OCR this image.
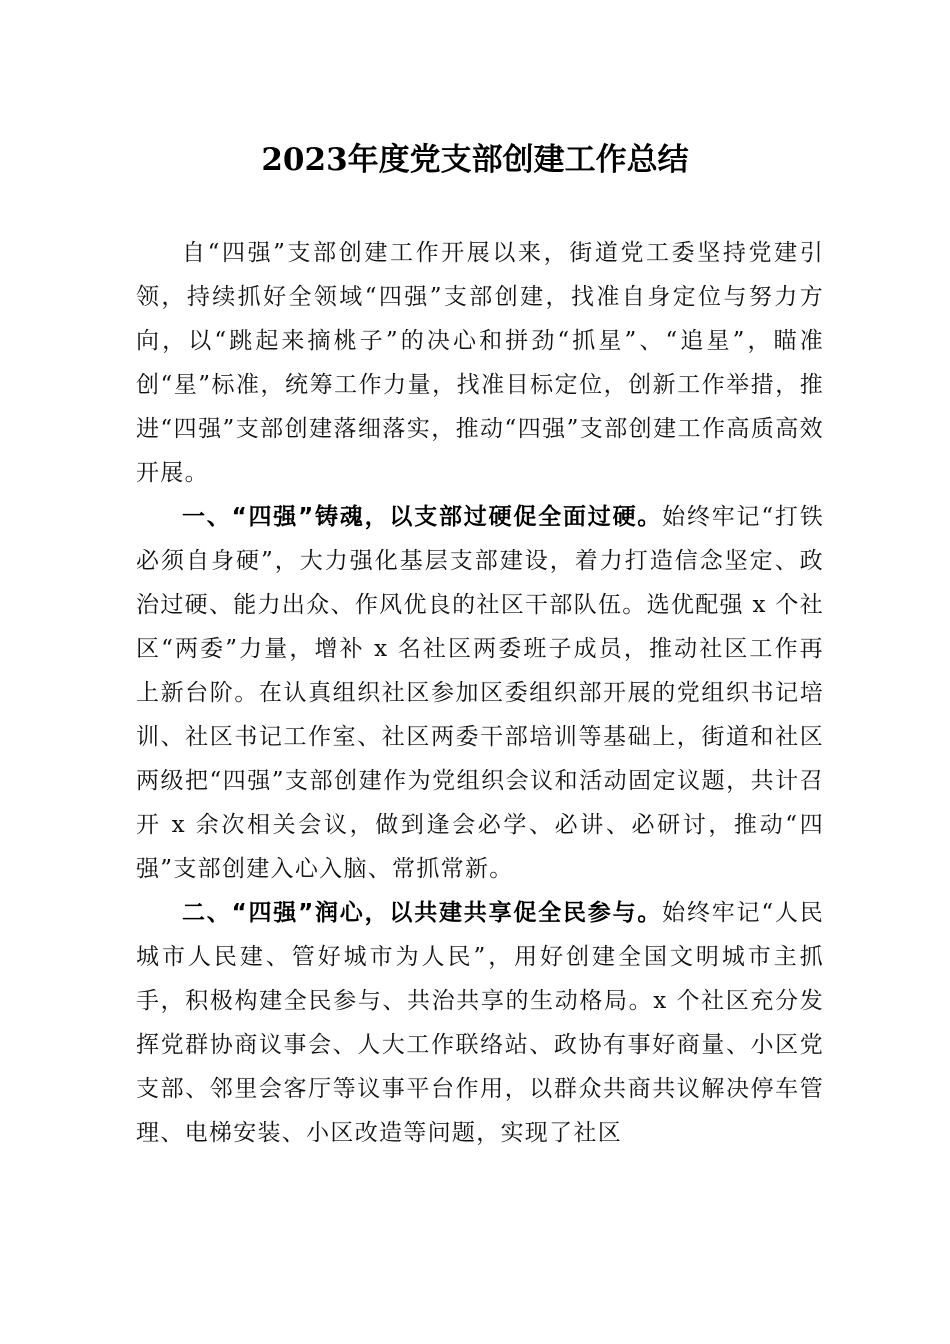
2023年度党支部创建工作总结

自“四强”支部创建工作开展以来，街道党工委坚持党建引领，持续抓好全领域“四强”支部创建，找准自身定位与努力方向，以“跳起来摘桃子”的决心和拼劲“抓星”、“追星”，瞄准创“星”标准，统筹工作力量，找准目标定位，创新工作举措，推进“四强”支部创建落细落实，推动“四强”支部创建工作高质高效开展。

一、“四强”铸魂，以支部过硬促全面过硬。始终牢记“打铁必须自身硬”，大力强化基层支部建设，着力打造信念坚定、政治过硬、能力出众、作风优良的社区干部队伍。选优配强 x 个社区“两委”力量，增补 x 名社区两委班子成员，推动社区工作再上新台阶。在认真组织社区参加区委组织部开展的党组织书记培训、社区书记工作室、社区两委干部培训等基础上，街道和社区两级把“四强”支部创建作为党组织会议和活动固定议题，共计召开 x 余次相关会议，做到逢会必学、必讲、必研讨，推动“四强”支部创建入心入脑、常抓常新。

二、“四强”润心，以共建共享促全民参与。始终牢记“人民城市人民建、管好城市为人民”，用好创建全国文明城市主抓手，积极构建全民参与、共治共享的生动格局。x 个社区充分发挥党群协商议事会、人大工作联络站、政协有事好商量、小区党支部、邻里会客厅等议事平台作用，以群众共商共议解决停车管理、电梯安装、小区改造等问题，实现了社区
